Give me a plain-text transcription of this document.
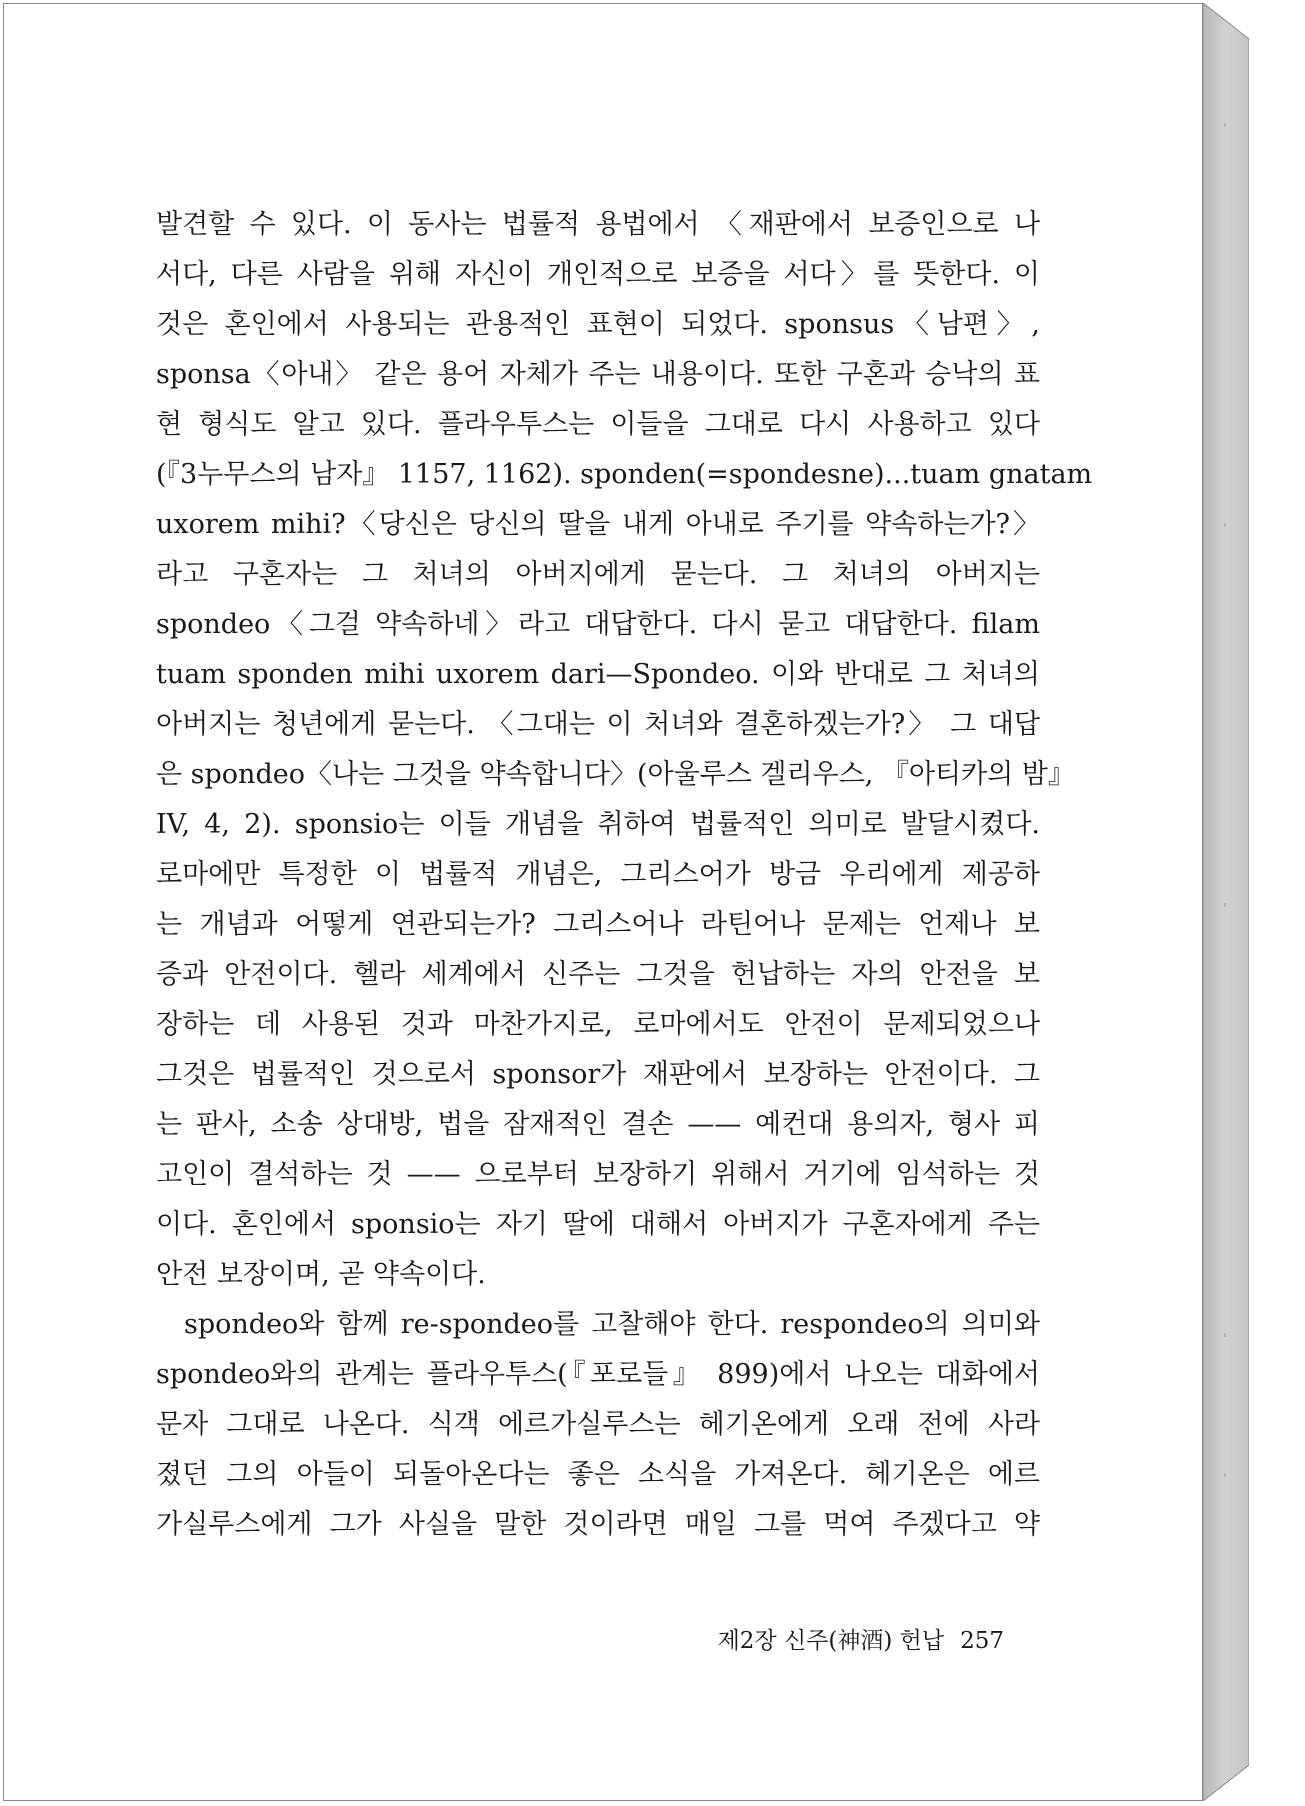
발견할 수 있다. 이 동사는 법률적 용법에서 〈재판에서 보증인으로 나
서다, 다른 사람을 위해 자신이 개인적으로 보증을 서다〉를 뜻한다. 이
것은 혼인에서 사용되는 관용적인 표현이 되었다. sponsus〈남편〉,
sponsa〈아내〉 같은 용어 자체가 주는 내용이다. 또한 구혼과 승낙의 표
현 형식도 알고 있다. 플라우투스는 이들을 그대로 다시 사용하고 있다
(『3누무스의 남자』 1157, 1162). sponden(=spondesne)...tuam gnatam
uxorem mihi?〈당신은 당신의 딸을 내게 아내로 주기를 약속하는가?〉
라고 구혼자는 그 처녀의 아버지에게 묻는다. 그 처녀의 아버지는
spondeo〈그걸 약속하네〉라고 대답한다. 다시 묻고 대답한다. filam
tuam sponden mihi uxorem dari—Spondeo. 이와 반대로 그 처녀의
아버지는 청년에게 묻는다. 〈그대는 이 처녀와 결혼하겠는가?〉 그 대답
은 spondeo〈나는 그것을 약속합니다〉(아울루스 겔리우스, 『아티카의 밤』
IV, 4, 2). sponsio는 이들 개념을 취하여 법률적인 의미로 발달시켰다.
로마에만 특정한 이 법률적 개념은, 그리스어가 방금 우리에게 제공하
는 개념과 어떻게 연관되는가? 그리스어나 라틴어나 문제는 언제나 보
증과 안전이다. 헬라 세계에서 신주는 그것을 헌납하는 자의 안전을 보
장하는 데 사용된 것과 마찬가지로, 로마에서도 안전이 문제되었으나
그것은 법률적인 것으로서 sponsor가 재판에서 보장하는 안전이다. 그
는 판사, 소송 상대방, 법을 잠재적인 결손 —— 예컨대 용의자, 형사 피
고인이 결석하는 것 —— 으로부터 보장하기 위해서 거기에 임석하는 것
이다. 혼인에서 sponsio는 자기 딸에 대해서 아버지가 구혼자에게 주는
안전 보장이며, 곧 약속이다.
spondeo와 함께 re-spondeo를 고찰해야 한다. respondeo의 의미와
spondeo와의 관계는 플라우투스(『포로들』 899)에서 나오는 대화에서
문자 그대로 나온다. 식객 에르가실루스는 헤기온에게 오래 전에 사라
졌던 그의 아들이 되돌아온다는 좋은 소식을 가져온다. 헤기온은 에르
가실루스에게 그가 사실을 말한 것이라면 매일 그를 먹여 주겠다고 약
제2장 신주(神酒) 헌납 257
